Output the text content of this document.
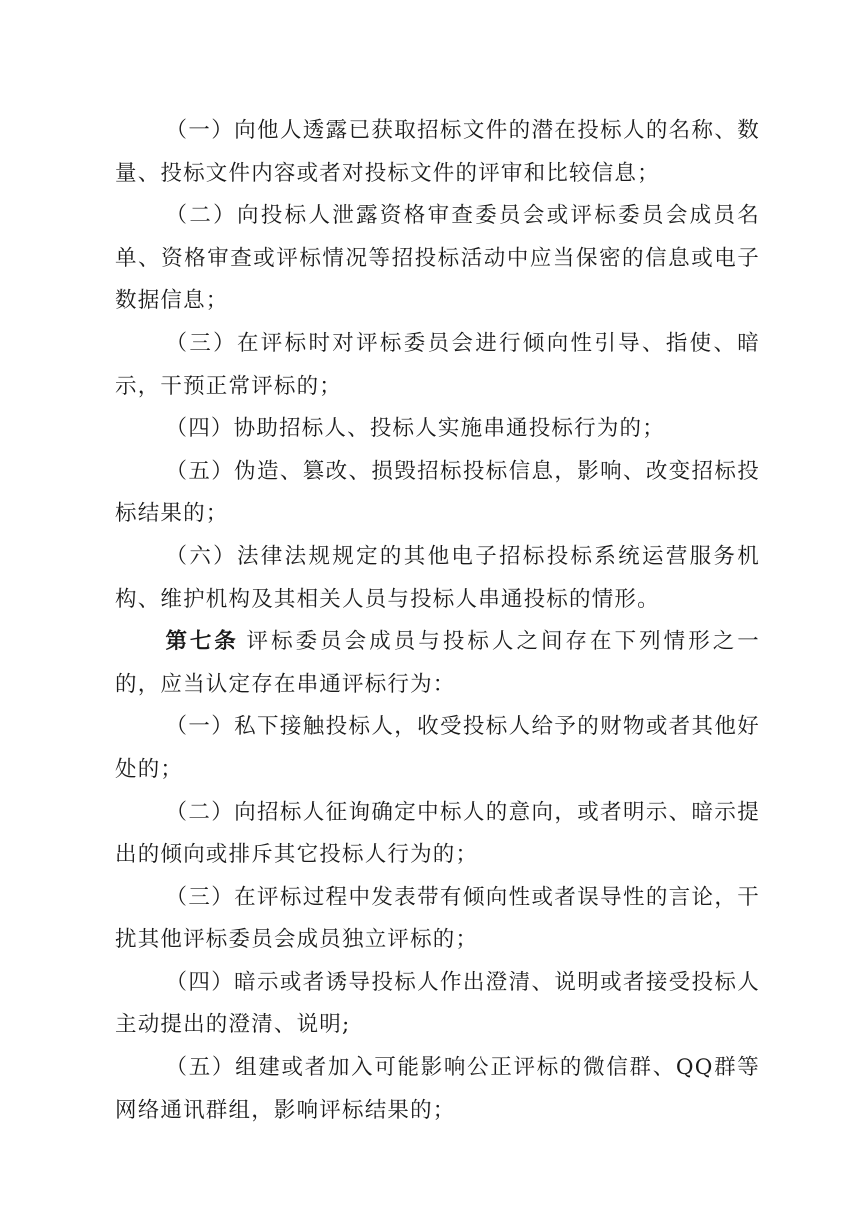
（一）向他人透露已获取招标文件的潜在投标人的名称、数量、投标文件内容或者对投标文件的评审和比较信息；

（二）向投标人泄露资格审查委员会或评标委员会成员名单、资格审查或评标情况等招投标活动中应当保密的信息或电子数据信息；

（三）在评标时对评标委员会进行倾向性引导、指使、暗示，干预正常评标的；

（四）协助招标人、投标人实施串通投标行为的；

（五）伪造、篡改、损毁招标投标信息，影响、改变招标投标结果的；

（六）法律法规规定的其他电子招标投标系统运营服务机构、维护机构及其相关人员与投标人串通投标的情形。

第七条 评标委员会成员与投标人之间存在下列情形之一的，应当认定存在串通评标行为：

（一）私下接触投标人，收受投标人给予的财物或者其他好处的；

（二）向招标人征询确定中标人的意向，或者明示、暗示提出的倾向或排斥其它投标人行为的；

（三）在评标过程中发表带有倾向性或者误导性的言论，干扰其他评标委员会成员独立评标的；

（四）暗示或者诱导投标人作出澄清、说明或者接受投标人主动提出的澄清、说明;

（五）组建或者加入可能影响公正评标的微信群、QQ群等网络通讯群组，影响评标结果的；
